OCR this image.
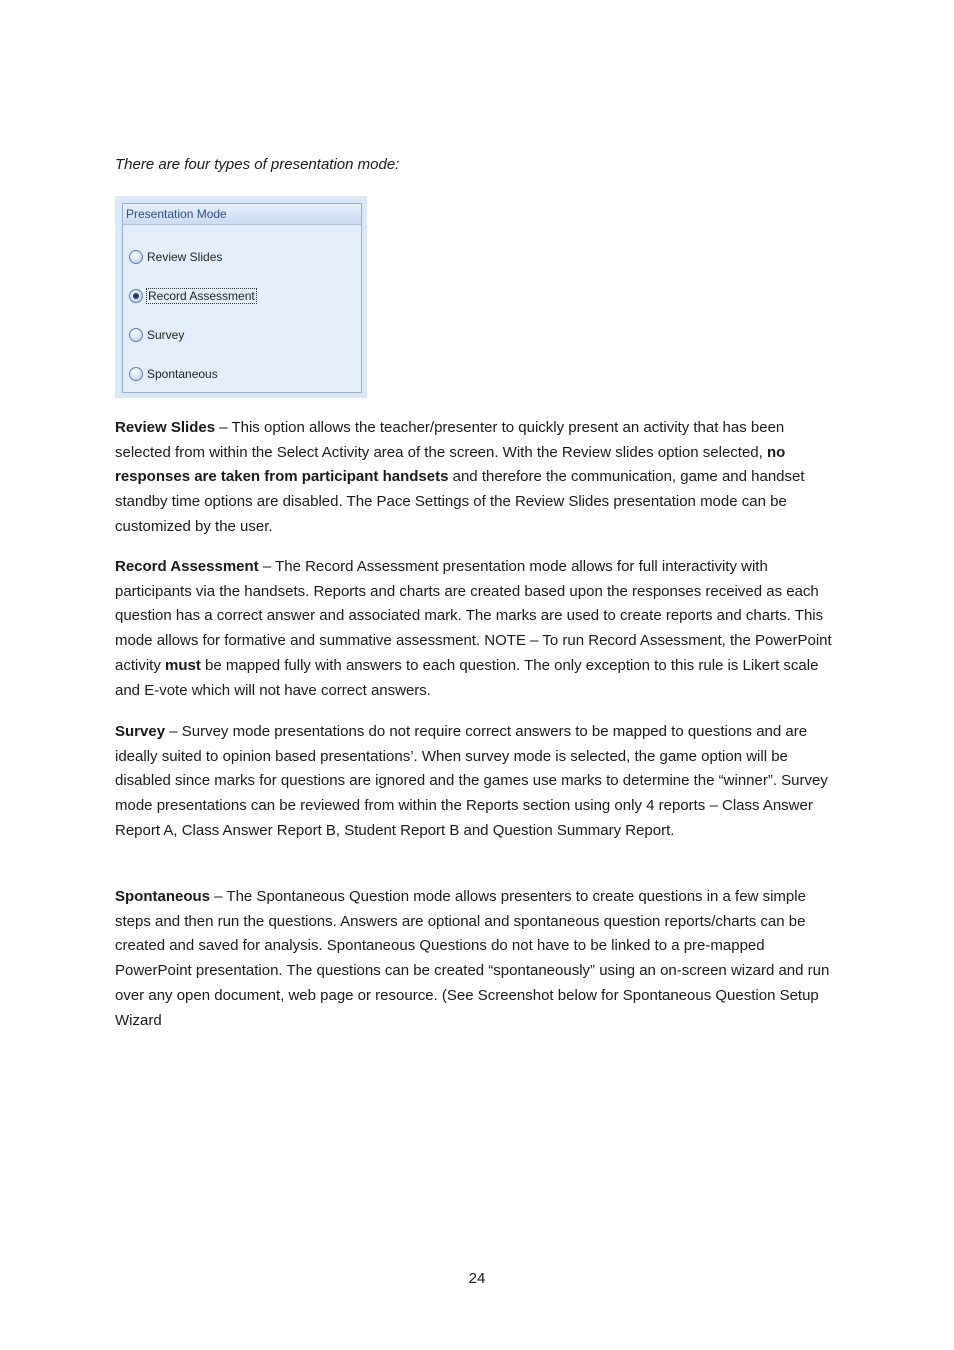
There are four types of presentation mode:

Presentation Mode
Review Slides
Record Assessment
Survey
Spontaneous

Review Slides – This option allows the teacher/presenter to quickly present an activity that has been selected from within the Select Activity area of the screen. With the Review slides option selected, no responses are taken from participant handsets and therefore the communication, game and handset standby time options are disabled. The Pace Settings of the Review Slides presentation mode can be customized by the user.

Record Assessment – The Record Assessment presentation mode allows for full interactivity with participants via the handsets. Reports and charts are created based upon the responses received as each question has a correct answer and associated mark. The marks are used to create reports and charts. This mode allows for formative and summative assessment. NOTE – To run Record Assessment, the PowerPoint activity must be mapped fully with answers to each question. The only exception to this rule is Likert scale and E-vote which will not have correct answers.

Survey – Survey mode presentations do not require correct answers to be mapped to questions and are ideally suited to opinion based presentations’. When survey mode is selected, the game option will be disabled since marks for questions are ignored and the games use marks to determine the “winner”. Survey mode presentations can be reviewed from within the Reports section using only 4 reports – Class Answer Report A, Class Answer Report B, Student Report B and Question Summary Report.

Spontaneous – The Spontaneous Question mode allows presenters to create questions in a few simple steps and then run the questions. Answers are optional and spontaneous question reports/charts can be created and saved for analysis. Spontaneous Questions do not have to be linked to a pre-mapped PowerPoint presentation. The questions can be created “spontaneously” using an on-screen wizard and run over any open document, web page or resource. (See Screenshot below for Spontaneous Question Setup Wizard

24
